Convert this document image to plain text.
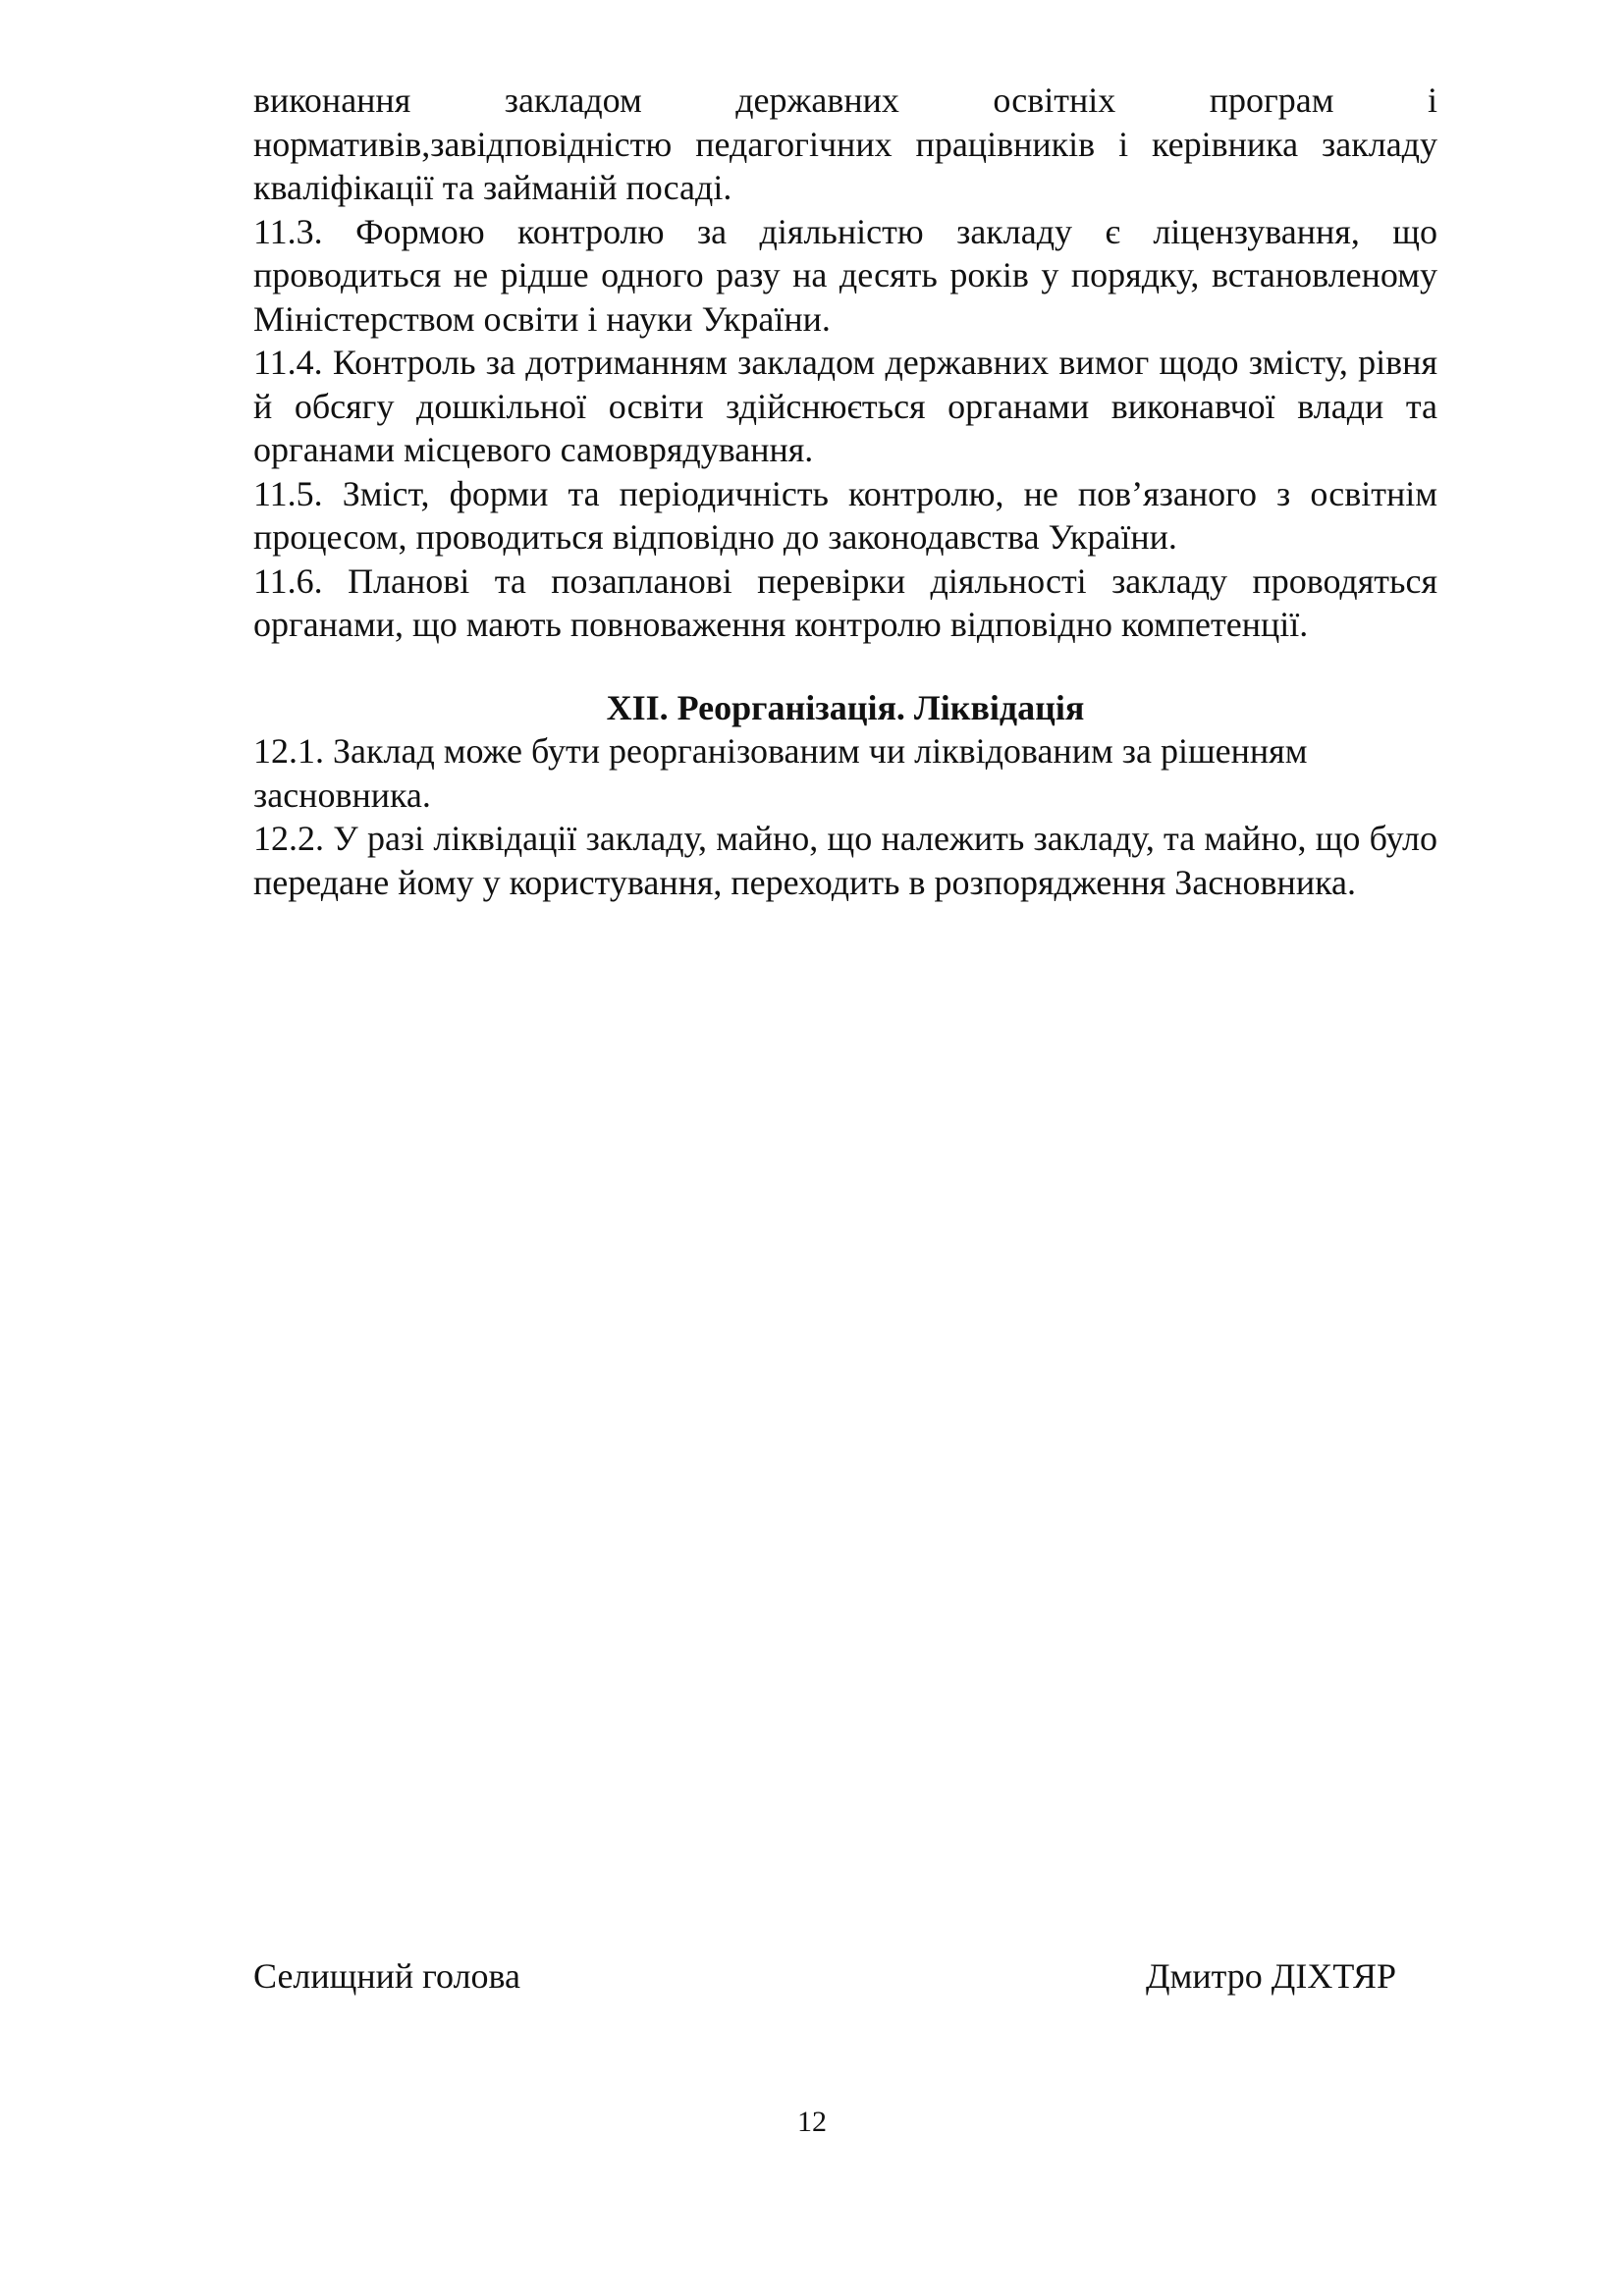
виконання закладом державних освітніх програм і нормативів,завідповідністю педагогічних працівників і керівника закладу кваліфікації та займаній посаді.

11.3. Формою контролю за діяльністю закладу є ліцензування, що проводиться не рідше одного разу на десять років у порядку, встановленому Міністерством освіти і науки України.

11.4. Контроль за дотриманням закладом державних вимог щодо змісту, рівня й обсягу дошкільної освіти здійснюється органами виконавчої влади та органами місцевого самоврядування.

11.5. Зміст, форми та періодичність контролю, не пов’язаного з освітнім процесом, проводиться відповідно до законодавства України.

11.6. Планові та позапланові перевірки діяльності закладу проводяться органами, що мають повноваження контролю відповідно компетенції.

XII. Реорганізація. Ліквідація

12.1. Заклад може бути реорганізованим чи ліквідованим за рішенням засновника.

12.2. У разі ліквідації закладу, майно, що належить закладу, та майно, що було передане йому у користування, переходить в розпорядження Засновника.

Селищний голова	Дмитро ДІХТЯР
12
